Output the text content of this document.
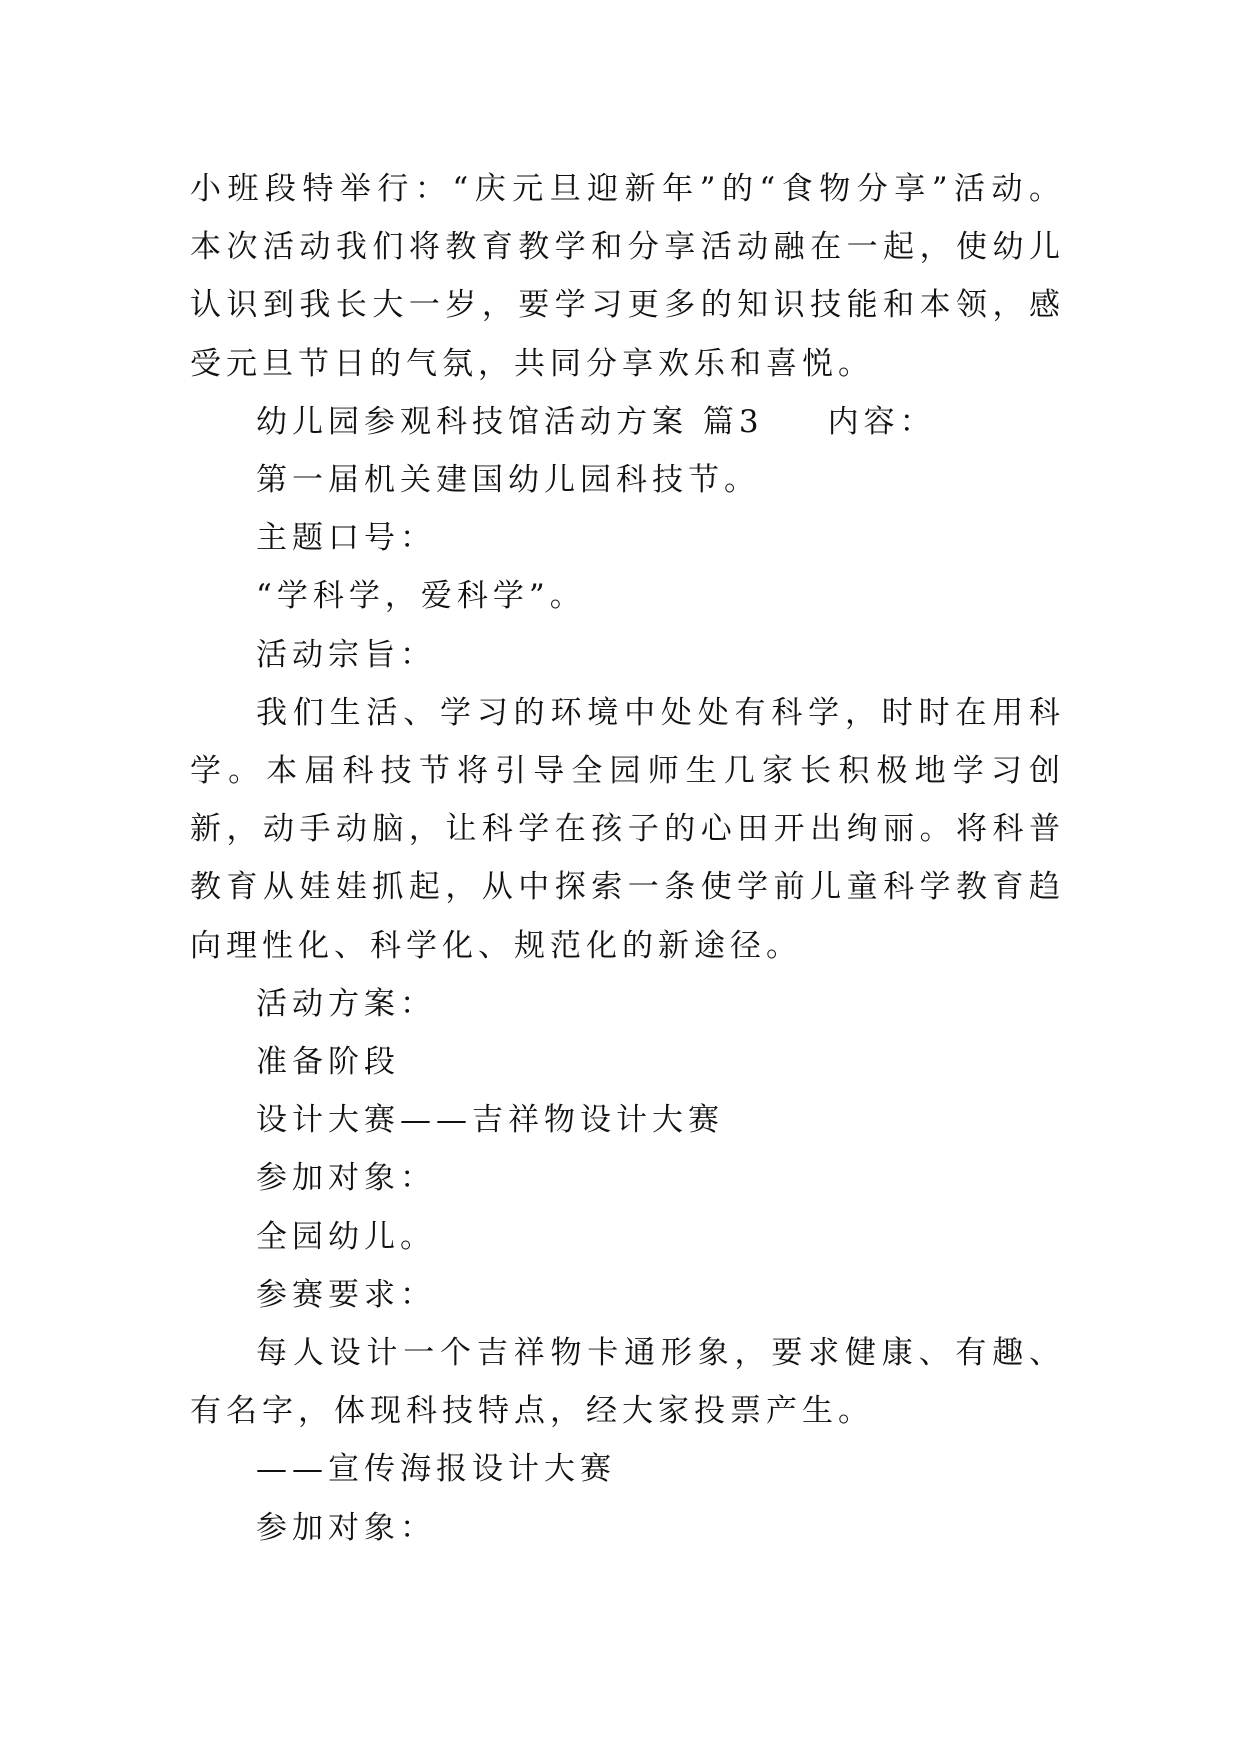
小班段特举行：“庆元旦迎新年”的“食物分享”活动。本次活动我们将教育教学和分享活动融在一起，使幼儿认识到我长大一岁，要学习更多的知识技能和本领，感受元旦节日的气氛，共同分享欢乐和喜悦。

幼儿园参观科技馆活动方案 篇3 内容：

第一届机关建国幼儿园科技节。

主题口号：

“学科学，爱科学”。

活动宗旨：

我们生活、学习的环境中处处有科学，时时在用科学。本届科技节将引导全园师生几家长积极地学习创新，动手动脑，让科学在孩子的心田开出绚丽。将科普教育从娃娃抓起，从中探索一条使学前儿童科学教育趋向理性化、科学化、规范化的新途径。

活动方案：

准备阶段

设计大赛——吉祥物设计大赛

参加对象：

全园幼儿。

参赛要求：

每人设计一个吉祥物卡通形象，要求健康、有趣、有名字，体现科技特点，经大家投票产生。

——宣传海报设计大赛

参加对象：
